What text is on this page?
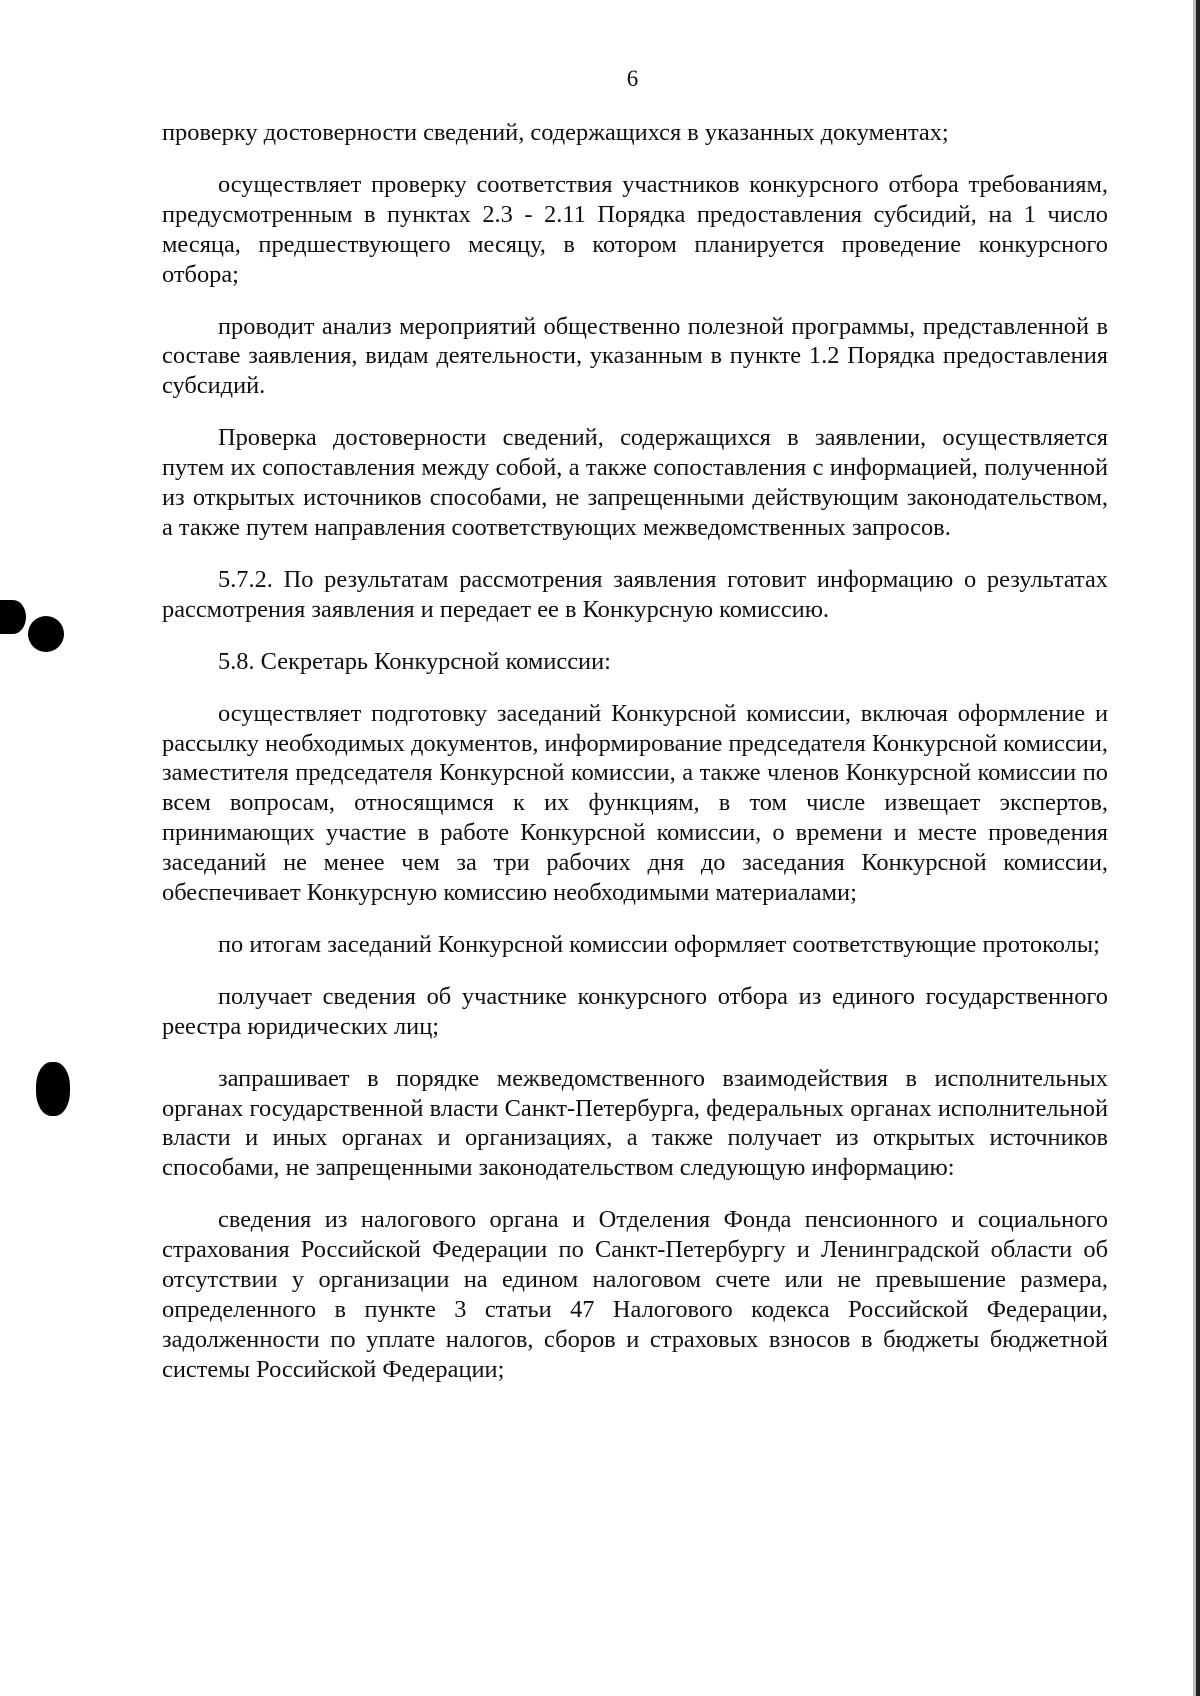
6

проверку достоверности сведений, содержащихся в указанных документах;

осуществляет проверку соответствия участников конкурсного отбора требованиям, предусмотренным в пунктах 2.3 - 2.11 Порядка предоставления субсидий, на 1 число месяца, предшествующего месяцу, в котором планируется проведение конкурсного отбора;

проводит анализ мероприятий общественно полезной программы, представленной в составе заявления, видам деятельности, указанным в пункте 1.2 Порядка предоставления субсидий.

Проверка достоверности сведений, содержащихся в заявлении, осуществляется путем их сопоставления между собой, а также сопоставления с информацией, полученной из открытых источников способами, не запрещенными действующим законодательством, а также путем направления соответствующих межведомственных запросов.

5.7.2. По результатам рассмотрения заявления готовит информацию о результатах рассмотрения заявления и передает ее в Конкурсную комиссию.

5.8. Секретарь Конкурсной комиссии:

осуществляет подготовку заседаний Конкурсной комиссии, включая оформление и рассылку необходимых документов, информирование председателя Конкурсной комиссии, заместителя председателя Конкурсной комиссии, а также членов Конкурсной комиссии по всем вопросам, относящимся к их функциям, в том числе извещает экспертов, принимающих участие в работе Конкурсной комиссии, о времени и месте проведения заседаний не менее чем за три рабочих дня до заседания Конкурсной комиссии, обеспечивает Конкурсную комиссию необходимыми материалами;

по итогам заседаний Конкурсной комиссии оформляет соответствующие протоколы;

получает сведения об участнике конкурсного отбора из единого государственного реестра юридических лиц;

запрашивает в порядке межведомственного взаимодействия в исполнительных органах государственной власти Санкт-Петербурга, федеральных органах исполнительной власти и иных органах и организациях, а также получает из открытых источников способами, не запрещенными законодательством следующую информацию:

сведения из налогового органа и Отделения Фонда пенсионного и социального страхования Российской Федерации по Санкт-Петербургу и Ленинградской области об отсутствии у организации на едином налоговом счете или не превышение размера, определенного в пункте 3 статьи 47 Налогового кодекса Российской Федерации, задолженности по уплате налогов, сборов и страховых взносов в бюджеты бюджетной системы Российской Федерации;
